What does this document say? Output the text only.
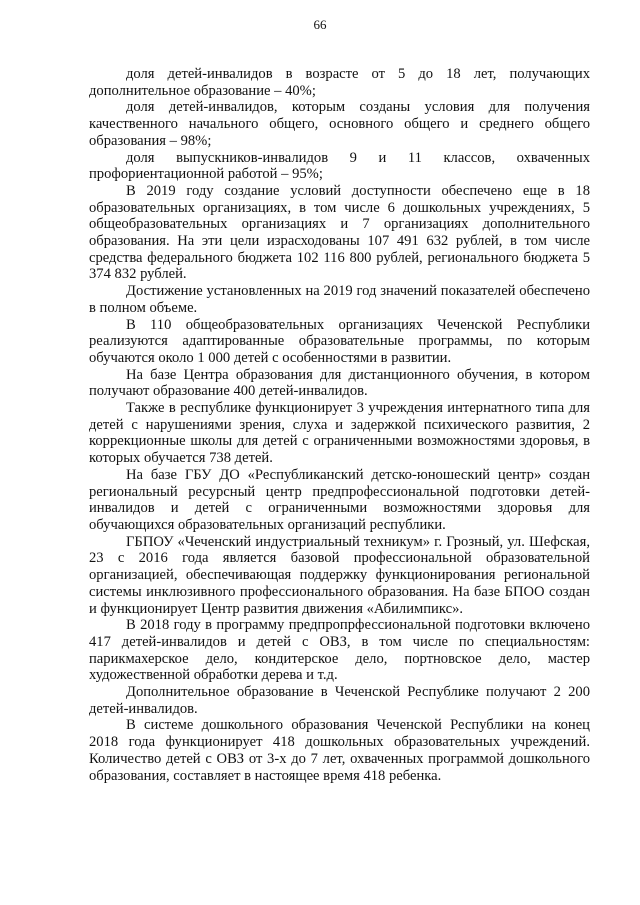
66

доля детей-инвалидов в возрасте от 5 до 18 лет, получающих дополнительное образование – 40%;

доля детей-инвалидов, которым созданы условия для получения качественного начального общего, основного общего и среднего общего образования – 98%;

доля выпускников-инвалидов 9 и 11 классов, охваченных профориентационной работой – 95%;

В 2019 году создание условий доступности обеспечено еще в 18 образовательных организациях, в том числе 6 дошкольных учреждениях, 5 общеобразовательных организациях и 7 организациях дополнительного образования. На эти цели израсходованы 107 491 632 рублей, в том числе средства федерального бюджета 102 116 800 рублей, регионального бюджета 5 374 832 рублей.

Достижение установленных на 2019 год значений показателей обеспечено в полном объеме.

В 110 общеобразовательных организациях Чеченской Республики реализуются адаптированные образовательные программы, по которым обучаются около 1 000 детей с особенностями в развитии.

На базе Центра образования для дистанционного обучения, в котором получают образование 400 детей-инвалидов.

Также в республике функционирует 3 учреждения интернатного типа для детей с нарушениями зрения, слуха и задержкой психического развития, 2 коррекционные школы для детей с ограниченными возможностями здоровья, в которых обучается 738 детей.

На базе ГБУ ДО «Республиканский детско-юношеский центр» создан региональный ресурсный центр предпрофессиональной подготовки детей-инвалидов и детей с ограниченными возможностями здоровья для обучающихся образовательных организаций республики.

ГБПОУ «Чеченский индустриальный техникум» г. Грозный, ул. Шефская, 23 с 2016 года является базовой профессиональной образовательной организацией, обеспечивающая поддержку функционирования региональной системы инклюзивного профессионального образования. На базе БПОО создан и функционирует Центр развития движения «Абилимпикс».

В 2018 году в программу предпропрфессиональной подготовки включено 417 детей-инвалидов и детей с ОВЗ, в том числе по специальностям: парикмахерское дело, кондитерское дело, портновское дело, мастер художественной обработки дерева и т.д.

Дополнительное образование в Чеченской Республике получают 2 200 детей-инвалидов.

В системе дошкольного образования Чеченской Республики на конец 2018 года функционирует 418 дошкольных образовательных учреждений. Количество детей с ОВЗ от 3-х до 7 лет, охваченных программой дошкольного образования, составляет в настоящее время 418 ребенка.
